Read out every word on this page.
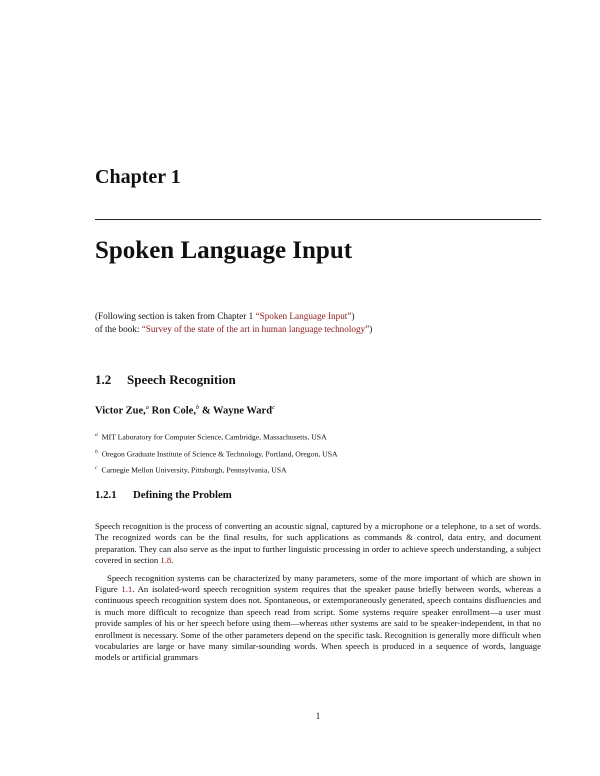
Chapter 1
Spoken Language Input
(Following section is taken from Chapter 1 “Spoken Language Input”)
of the book: “Survey of the state of the art in human language technology”)
1.2 Speech Recognition
Victor Zue,$^a$ Ron Cole,$^b$ & Wayne Ward$^c$
$^a$ MIT Laboratory for Computer Science, Cambridge, Massachusetts, USA
$^b$ Oregon Graduate Institute of Science & Technology, Portland, Oregon, USA
$^c$ Carnegie Mellon University, Pittsburgh, Pennsylvania, USA
1.2.1 Defining the Problem

Speech recognition is the process of converting an acoustic signal, captured by a microphone or a telephone, to a set of words. The recognized words can be the final results, for such applications as commands & control, data entry, and document preparation. They can also serve as the input to further linguistic processing in order to achieve speech understanding, a subject covered in section 1.8.

Speech recognition systems can be characterized by many parameters, some of the more important of which are shown in Figure 1.1. An isolated-word speech recognition system requires that the speaker pause briefly between words, whereas a continuous speech recognition system does not. Spontaneous, or extemporaneously generated, speech contains disfluencies and is much more difficult to recognize than speech read from script. Some systems require speaker enrollment—a user must provide samples of his or her speech before using them—whereas other systems are said to be speaker-independent, in that no enrollment is necessary. Some of the other parameters depend on the specific task. Recognition is generally more difficult when vocabularies are large or have many similar-sounding words. When speech is produced in a sequence of words, language models or artificial grammars

1
